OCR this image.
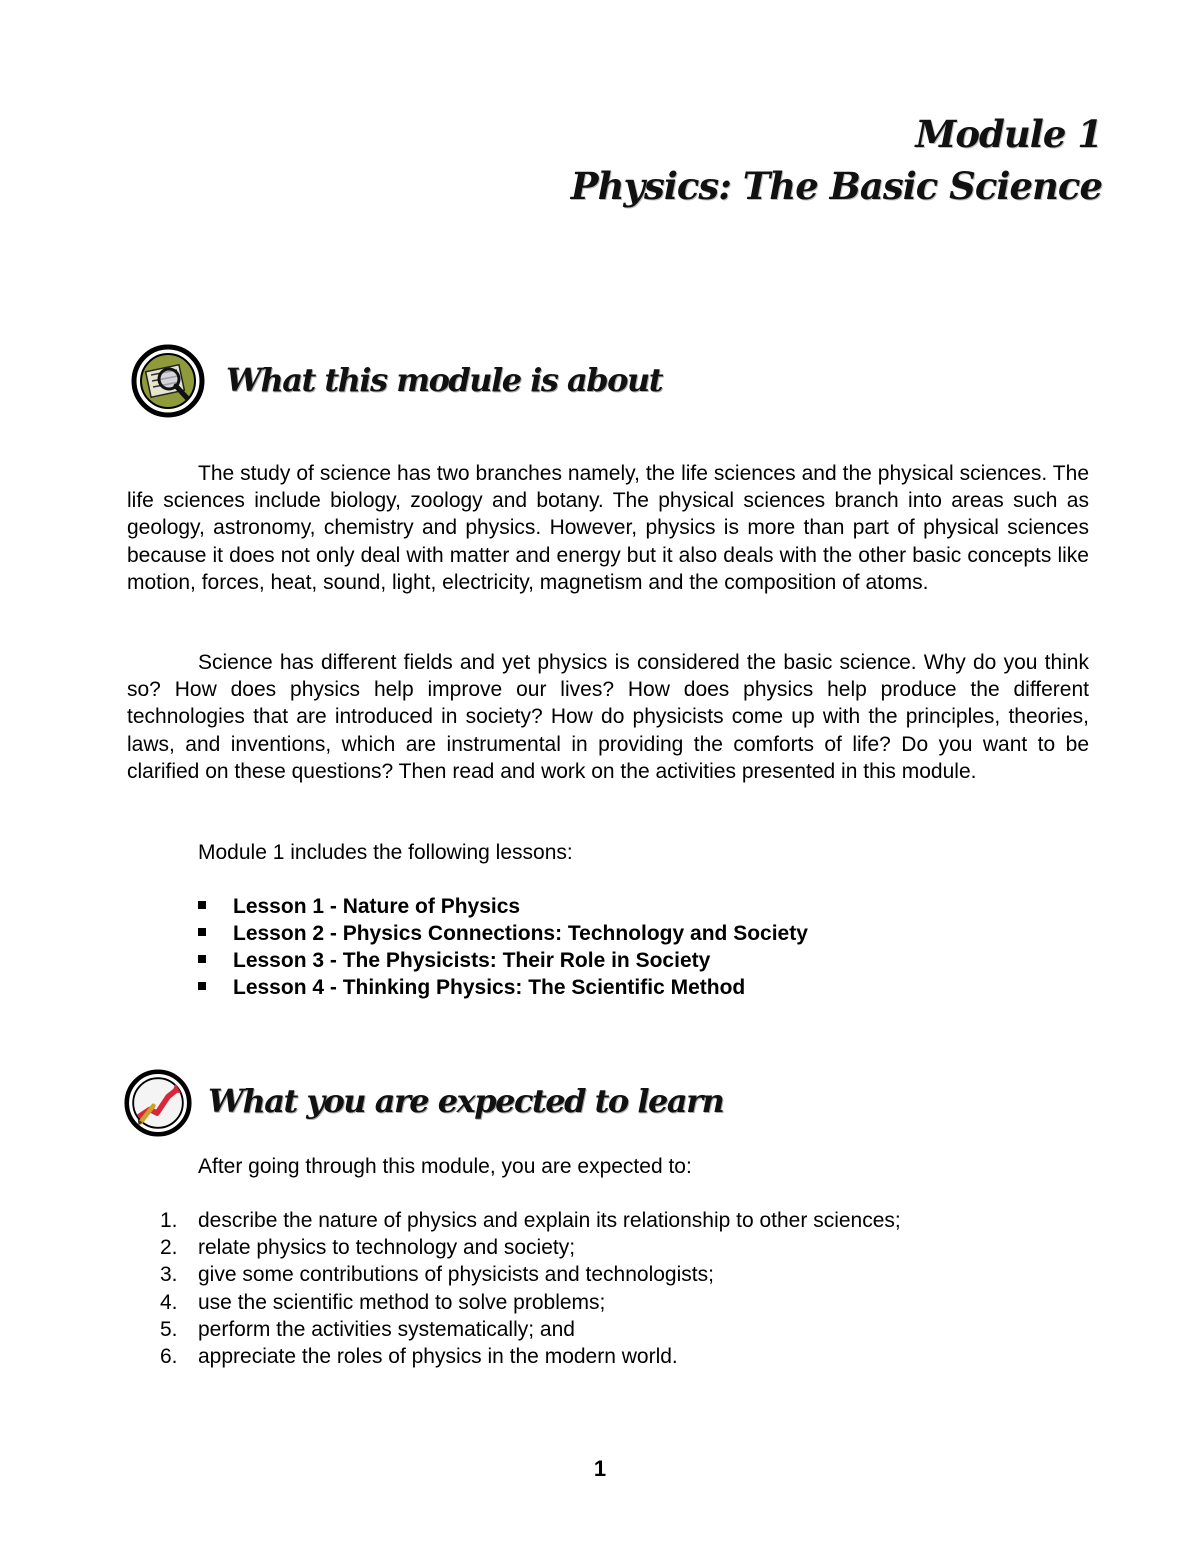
Module 1
Physics: The Basic Science
What this module is about
The study of science has two branches namely, the life sciences and the physical sciences. The life sciences include biology, zoology and botany. The physical sciences branch into areas such as geology, astronomy, chemistry and physics. However, physics is more than part of physical sciences because it does not only deal with matter and energy but it also deals with the other basic concepts like motion, forces, heat, sound, light, electricity, magnetism and the composition of atoms.
Science has different fields and yet physics is considered the basic science. Why do you think so? How does physics help improve our lives? How does physics help produce the different technologies that are introduced in society? How do physicists come up with the principles, theories, laws, and inventions, which are instrumental in providing the comforts of life? Do you want to be clarified on these questions? Then read and work on the activities presented in this module.
Module 1 includes the following lessons:
Lesson 1 - Nature of Physics
Lesson 2 - Physics Connections: Technology and Society
Lesson 3 - The Physicists: Their Role in Society
Lesson 4 - Thinking Physics: The Scientific Method
What you are expected to learn
After going through this module, you are expected to:
1. describe the nature of physics and explain its relationship to other sciences;
2. relate physics to technology and society;
3. give some contributions of physicists and technologists;
4. use the scientific method to solve problems;
5. perform the activities systematically; and
6. appreciate the roles of physics in the modern world.
1
